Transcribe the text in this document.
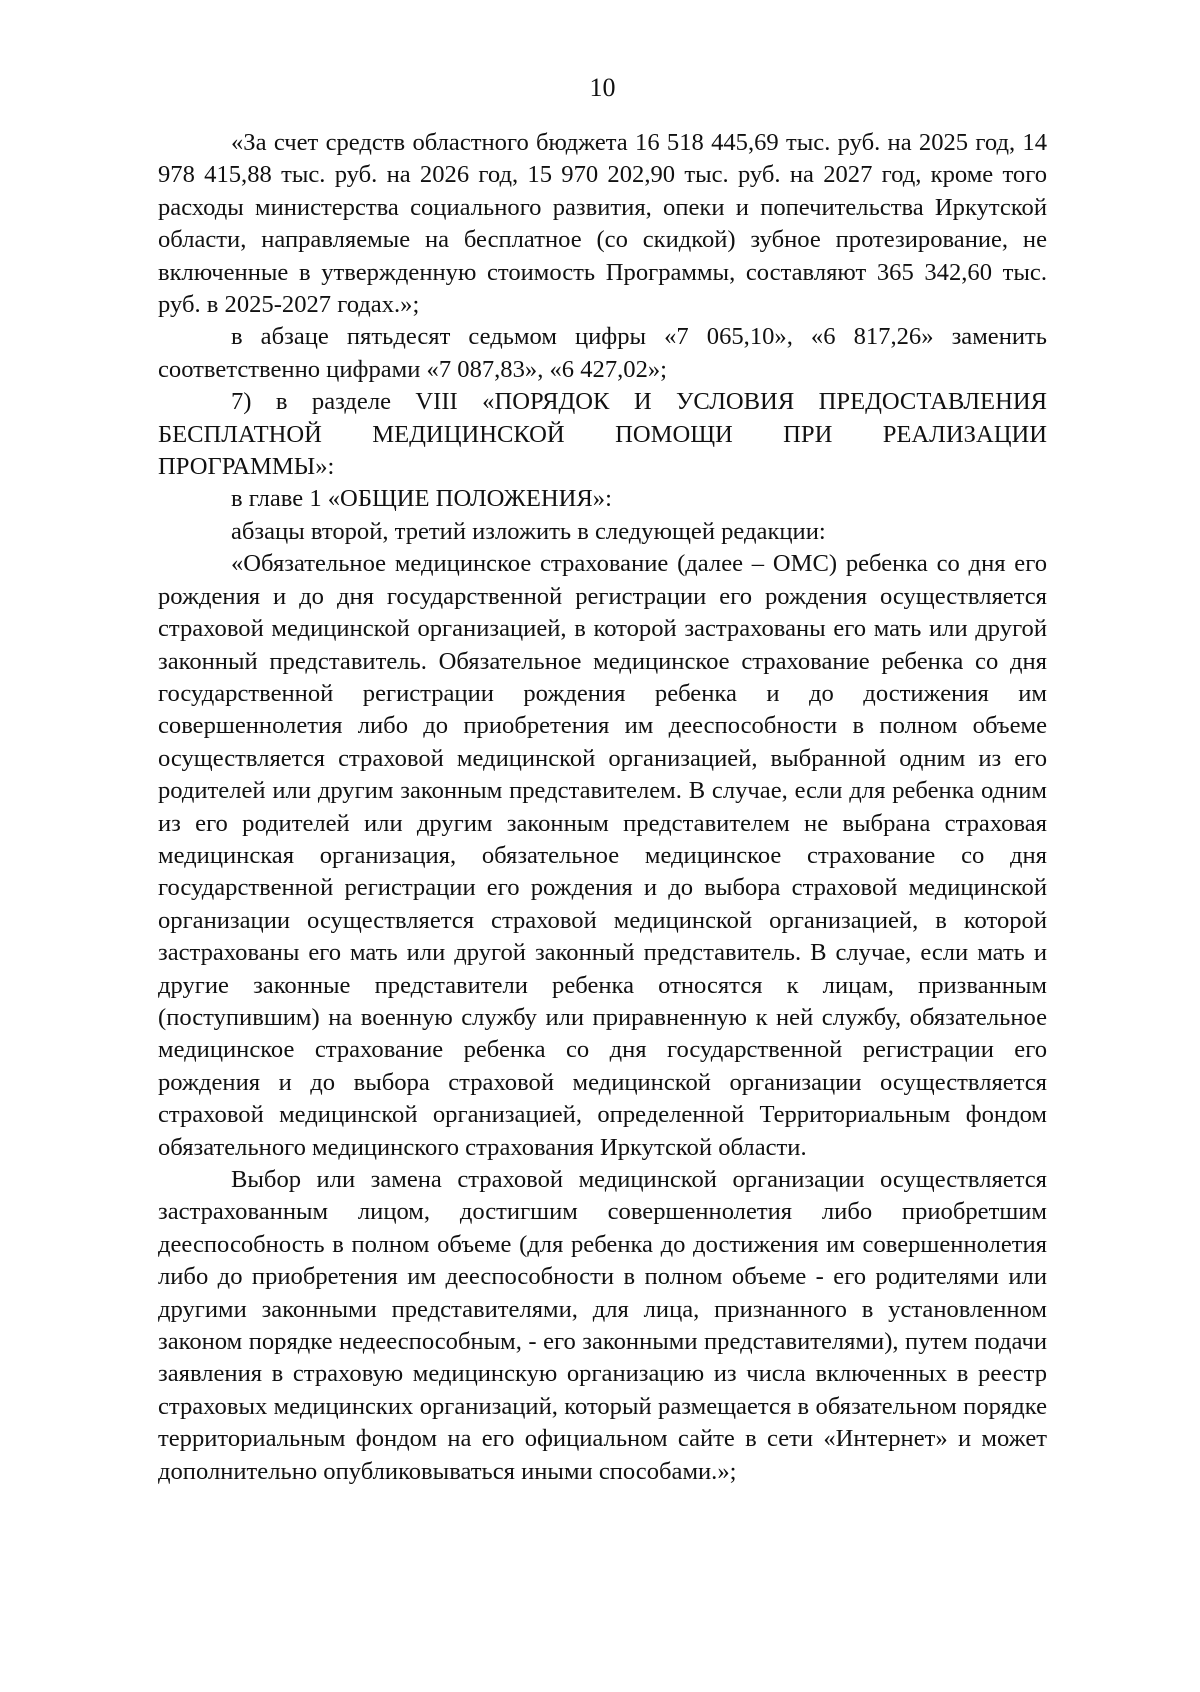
10

«За счет средств областного бюджета 16 518 445,69 тыс. руб. на 2025 год, 14 978 415,88 тыс. руб. на 2026 год, 15 970 202,90 тыс. руб. на 2027 год, кроме того расходы министерства социального развития, опеки и попечительства Иркутской области, направляемые на бесплатное (со скидкой) зубное протезирование, не включенные в утвержденную стоимость Программы, составляют 365 342,60 тыс. руб. в 2025-2027 годах.»;

в абзаце пятьдесят седьмом цифры «7 065,10», «6 817,26» заменить соответственно цифрами «7 087,83», «6 427,02»;

7) в разделе VIII «ПОРЯДОК И УСЛОВИЯ ПРЕДОСТАВЛЕНИЯ БЕСПЛАТНОЙ МЕДИЦИНСКОЙ ПОМОЩИ ПРИ РЕАЛИЗАЦИИ ПРОГРАММЫ»:

в главе 1 «ОБЩИЕ ПОЛОЖЕНИЯ»:

абзацы второй, третий изложить в следующей редакции:

«Обязательное медицинское страхование (далее – ОМС) ребенка со дня его рождения и до дня государственной регистрации его рождения осуществляется страховой медицинской организацией, в которой застрахованы его мать или другой законный представитель. Обязательное медицинское страхование ребенка со дня государственной регистрации рождения ребенка и до достижения им совершеннолетия либо до приобретения им дееспособности в полном объеме осуществляется страховой медицинской организацией, выбранной одним из его родителей или другим законным представителем. В случае, если для ребенка одним из его родителей или другим законным представителем не выбрана страховая медицинская организация, обязательное медицинское страхование со дня государственной регистрации его рождения и до выбора страховой медицинской организации осуществляется страховой медицинской организацией, в которой застрахованы его мать или другой законный представитель. В случае, если мать и другие законные представители ребенка относятся к лицам, призванным (поступившим) на военную службу или приравненную к ней службу, обязательное медицинское страхование ребенка со дня государственной регистрации его рождения и до выбора страховой медицинской организации осуществляется страховой медицинской организацией, определенной Территориальным фондом обязательного медицинского страхования Иркутской области.

Выбор или замена страховой медицинской организации осуществляется застрахованным лицом, достигшим совершеннолетия либо приобретшим дееспособность в полном объеме (для ребенка до достижения им совершеннолетия либо до приобретения им дееспособности в полном объеме - его родителями или другими законными представителями, для лица, признанного в установленном законом порядке недееспособным, - его законными представителями), путем подачи заявления в страховую медицинскую организацию из числа включенных в реестр страховых медицинских организаций, который размещается в обязательном порядке территориальным фондом на его официальном сайте в сети «Интернет» и может дополнительно опубликовываться иными способами.»;
